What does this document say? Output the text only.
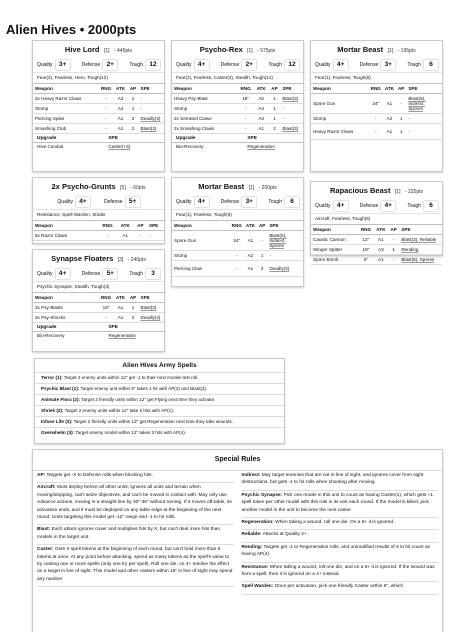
Alien Hives • 2000pts
Hive Lord [1] - 445pts
Quality 3+	Defense 2+	Tough 12
Fear(2), Fearless, Hero, Tough(12)
Weapon	RNG	ATK	AP	SPE
2x Heavy Razor Claws	-	A3	1	-
Stomp	-	A4	1	-
Piercing Spike	-	A1	2	Deadly(3)
Smashing Club	-	A1	2	Blast(3)
Upgrade	SPE
Hive Conduit	Caster(+3)
Psycho-Rex [1] - 575pts
Quality 4+	Defense 2+	Tough 12
Fear(2), Fearless, Caster(3), Stealth, Tough(12)
Weapon	RNG	ATK	AP	SPE
Heavy Psy-Blast	18"	A2	1	Blast(3)
Stomp	-	A4	1	-
2x Serrated Claws	-	A3	1	-
2x Smashing Claws	-	A1	2	Blast(3)
Upgrade	SPE
Bio-Recovery	Regeneration
Mortar Beast [1] - 195pts
Quality 4+	Defense 3+	Tough	6
Fear(1), Fearless, Tough(6)
Weapon	RNG	ATK	AP	SPE
Spore Gun	24"	A1	-	Blast(6), Indirect, Spores
Stomp	-	A2	1	-
Heavy Razor Claws	-	A1	1	-
2x Psycho-Grunts [5] - 60pts
Quality 4+	Defense 5+
Resistance, Spell Warden, Strider
Weapon	RNG	ATK	AP	SPE
5x Razor Claws	-	A1	-	-
Mortar Beast [1] - 200pts
Quality 4+	Defense 3+	Tough	6
Fear(1), Fearless, Tough(6)
Weapon	RNG	ATK	AP	SPE
Spore Gun	24"	A1	-	Blast(6), Indirect, Spores
Stomp	-	A2	1	-
Piercing Claw	-	A1	2	Deadly(3)
Rapacious Beast [1] - 225pts
Quality 4+	Defense 4+	Tough	6
Aircraft, Fearless, Tough(6)
Weapon	RNG	ATK	AP	SPE
Caustic Cannon	12"	A1	-	Blast(3), Reliable
Stinger Spitter	18"	A3	1	Rending
Spore Bomb	6"	A1	-	Blast(6), Spores
Synapse Floaters [3] - 240pts
Quality 4+	Defense 5+	Tough	3
Psychic Synapse, Stealth, Tough(3)
Weapon	RNG	ATK	AP	SPE
3x Psy-Blasts	18"	A1	1	Blast(3)
3x Psy-Shocks	-	A1	2	Deadly(3)
Upgrade	SPE
Bio-Recovery	Regeneration
Alien Hives Army Spells
Terror (1): Target 2 enemy units within 12" get -1 to their next morale test roll.
Psychic Blast (1): Target enemy unit within 9" takes 1 hit with AP(2) and Blast(3).
Animate Flora (2): Target 2 friendly units within 12" get Flying next time they activate.
Shriek (2): Target 2 enemy units within 12" take 2 hits with AP(1).
Infuse Life (3): Target 2 friendly units within 12" get Regeneration next time they take wounds.
Overwhelm (3): Target enemy model within 12" takes 3 hits with AP(4).
Special Rules
AP: Targets get -X to Defense rolls when blocking hits.
Aircraft: Must deploy before all other units, ignores all units and terrain when moving/stopping, can't seize objectives, and can't be moved in contact with. May only use Advance actions, moving in a straight line by 30"-36" without turning. If it moves off-table, its activation ends, and it must be deployed on any table edge at the beginning of the next round. Units targeting this model get -12" range and -1 to hit rolls.
Blast: Each attack ignores cover and multiplies hits by X, but can't deal more hits than models in the target unit.
Caster: Gets X spell tokens at the beginning of each round, but can't hold more than 6 tokens at once. At any point before attacking, spend as many tokens as the spell's value to try casting one or more spells (only one try per spell). Roll one die, on 4+ resolve the effect on a target in line of sight. This model and other casters within 18" in line of sight may spend any number
Indirect: May target enemies that are not in line of sight, and ignores cover from sight obstructions, but gets -1 to hit rolls when shooting after moving.
Psychic Synapse: Pick one model in this unit to count as having Caster(1), which gets +1 spell token per other model with this rule in its unit each round. If the model is killed, pick another model in the unit to become the next caster.
Regeneration: When taking a wound, roll one die. On a 5+ it is ignored.
Reliable: Attacks at Quality 2+.
Rending: Targets get -1 to Regeneration rolls, and unmodified results of 6 to hit count as having AP(4).
Resistance: When taking a wound, roll one die, and on a 6+ it is ignored. If the wound was from a spell, then it is ignored on a 4+ instead.
Spell Warden: Once per activation, pick one friendly Caster within 6", which
